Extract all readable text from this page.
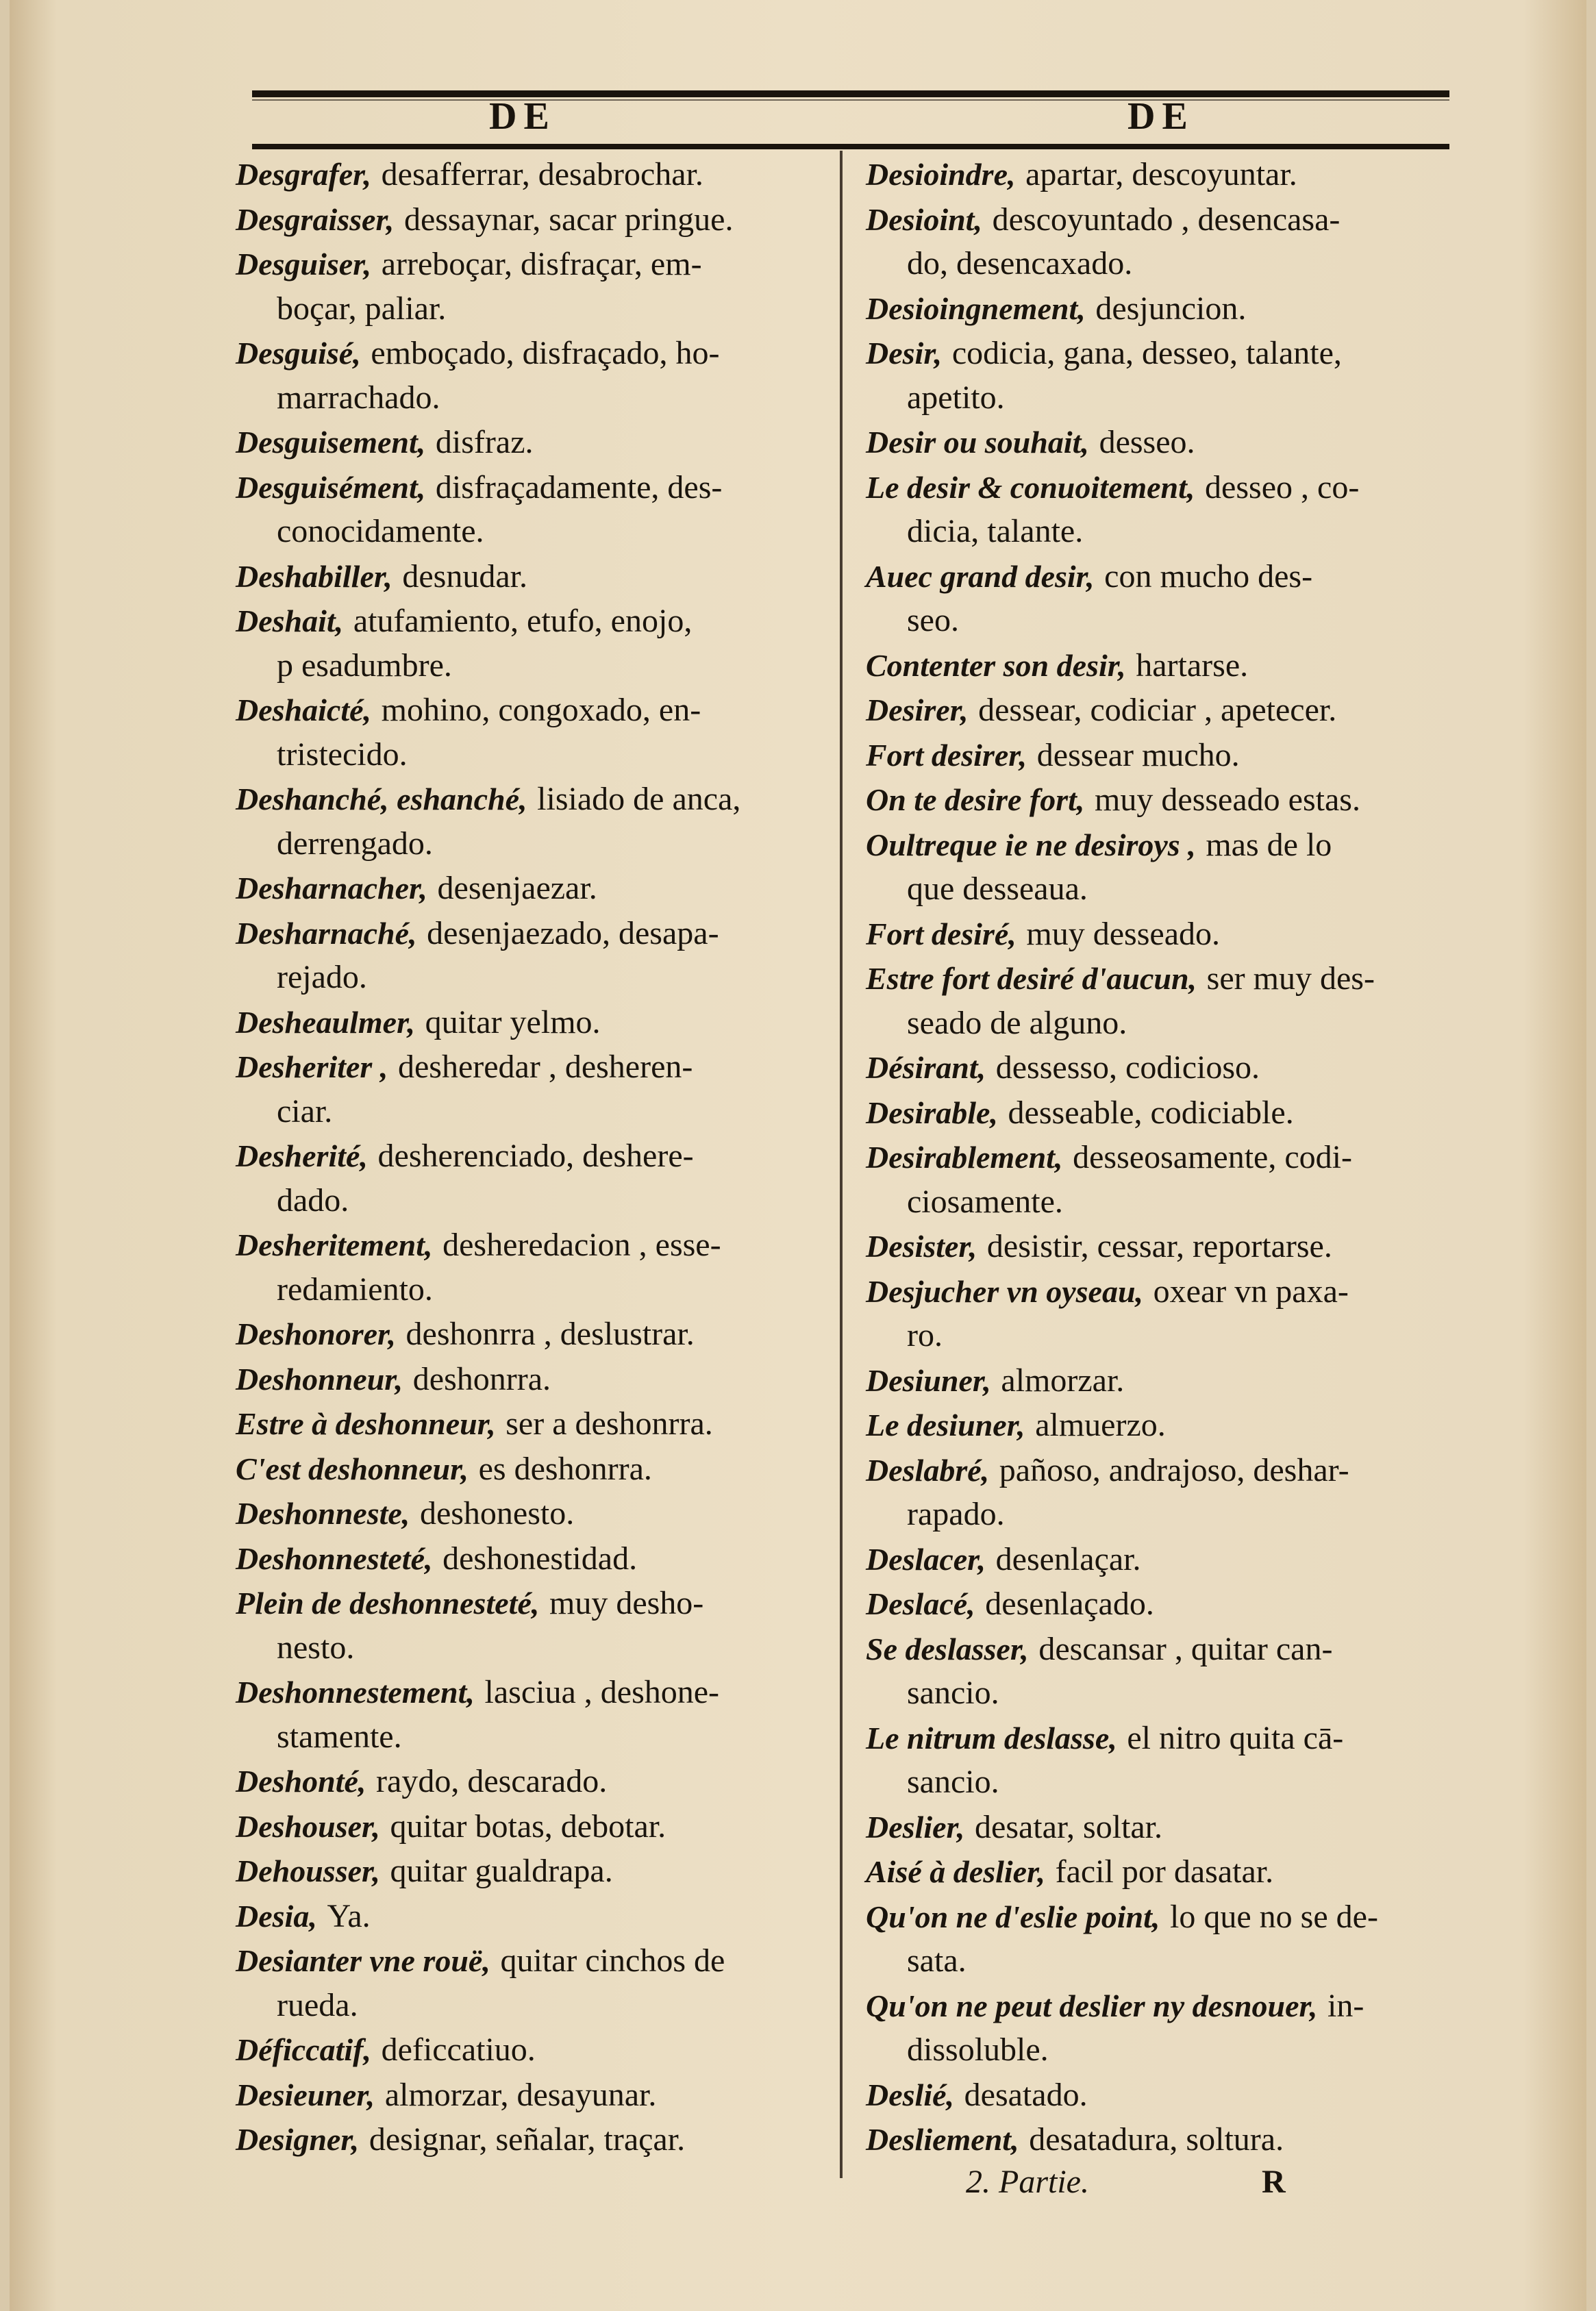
DE	DE
Desgrafer, desafferrar, desabrochar.
Desgraisser, dessaynar, sacar pringue.
Desguiser, arreboçar, disfraçar, em-
boçar, paliar.
Desguisé, emboçado, disfraçado, ho-
marrachado.
Desguisement, disfraz.
Desguisément, disfraçadamente, des-
conocidamente.
Deshabiller, desnudar.
Deshait, atufamiento, etufo, enojo,
p esadumbre.
Deshaicté, mohino, congoxado, en-
tristecido.
Deshanché, eshanché, lisiado de anca,
derrengado.
Desharnacher, desenjaezar.
Desharnaché, desenjaezado, desapa-
rejado.
Desheaulmer, quitar yelmo.
Desheriter , desheredar , desheren-
ciar.
Desherité, desherenciado, deshere-
dado.
Desheritement, desheredacion , esse-
redamiento.
Deshonorer, deshonrra , deslustrar.
Deshonneur, deshonrra.
Estre à deshonneur, ser a deshonrra.
C'est deshonneur, es deshonrra.
Deshonneste, deshonesto.
Deshonnesteté, deshonestidad.
Plein de deshonnesteté, muy desho-
nesto.
Deshonnestement, lasciua , deshone-
stamente.
Deshonté, raydo, descarado.
Deshouser, quitar botas, debotar.
Dehousser, quitar gualdrapa.
Desia, Ya.
Desianter vne rouë, quitar cinchos de
rueda.
Déficcatif, deficcatiuo.
Desieuner, almorzar, desayunar.
Designer, designar, señalar, traçar.
Desioindre, apartar, descoyuntar.
Desioint, descoyuntado , desencasa-
do, desencaxado.
Desioingnement, desjuncion.
Desir, codicia, gana, desseo, talante,
apetito.
Desir ou souhait, desseo.
Le desir & conuoitement, desseo , co-
dicia, talante.
Auec grand desir, con mucho des-
seo.
Contenter son desir, hartarse.
Desirer, dessear, codiciar , apetecer.
Fort desirer, dessear mucho.
On te desire fort, muy desseado estas.
Oultreque ie ne desiroys , mas de lo
que desseaua.
Fort desiré, muy desseado.
Estre fort desiré d'aucun, ser muy des-
seado de alguno.
Désirant, dessesso, codicioso.
Desirable, desseable, codiciable.
Desirablement, desseosamente, codi-
ciosamente.
Desister, desistir, cessar, reportarse.
Desjucher vn oyseau, oxear vn paxa-
ro.
Desiuner, almorzar.
Le desiuner, almuerzo.
Deslabré, pañoso, andrajoso, deshar-
rapado.
Deslacer, desenlaçar.
Deslacé, desenlaçado.
Se deslasser, descansar , quitar can-
sancio.
Le nitrum deslasse, el nitro quita cā-
sancio.
Deslier, desatar, soltar.
Aisé à deslier, facil por dasatar.
Qu'on ne d'eslie point, lo que no se de-
sata.
Qu'on ne peut deslier ny desnouer, in-
dissoluble.
Deslié, desatado.
Desliement, desatadura, soltura.
2. Partie.	R
